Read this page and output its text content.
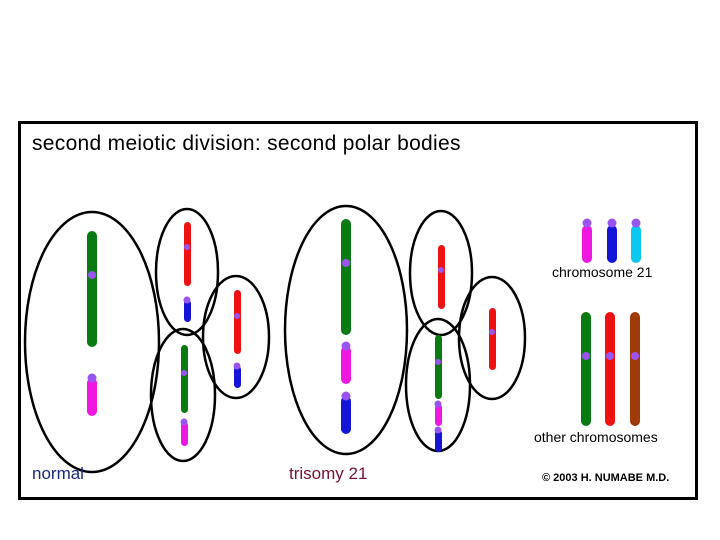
second meiotic division: second polar bodies
chromosome 21
other chromosomes
normal	trisomy 21	© 2003 H. NUMABE M.D.
